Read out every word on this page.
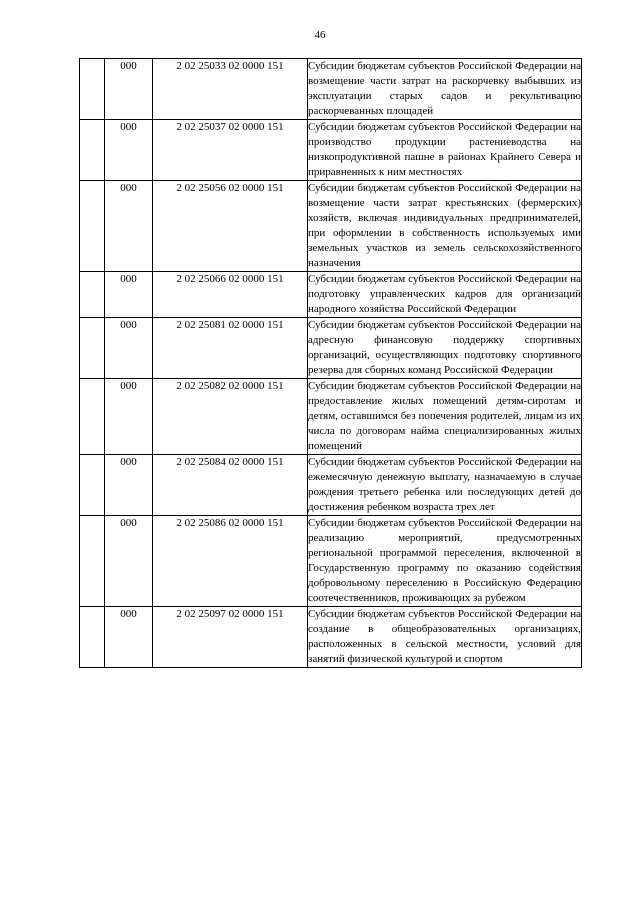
46
	000	2 02 25033 02 0000 151	Субсидии бюджетам субъектов Российской Федерации на возмещение части затрат на раскорчевку выбывших из эксплуатации старых садов и рекультивацию раскорчеванных площадей
	000	2 02 25037 02 0000 151	Субсидии бюджетам субъектов Российской Федерации на производство продукции растениеводства на низкопродуктивной пашне в районах Крайнего Севера и приравненных к ним местностях
	000	2 02 25056 02 0000 151	Субсидии бюджетам субъектов Российской Федерации на возмещение части затрат крестьянских (фермерских) хозяйств, включая индивидуальных предпринимателей, при оформлении в собственность используемых ими земельных участков из земель сельскохозяйственного назначения
	000	2 02 25066 02 0000 151	Субсидии бюджетам субъектов Российской Федерации на подготовку управленческих кадров для организаций народного хозяйства Российской Федерации
	000	2 02 25081 02 0000 151	Субсидии бюджетам субъектов Российской Федерации на адресную финансовую поддержку спортивных организаций, осуществляющих подготовку спортивного резерва для сборных команд Российской Федерации
	000	2 02 25082 02 0000 151	Субсидии бюджетам субъектов Российской Федерации на предоставление жилых помещений детям-сиротам и детям, оставшимся без попечения родителей, лицам из их числа по договорам найма специализированных жилых помещений
	000	2 02 25084 02 0000 151	Субсидии бюджетам субъектов Российской Федерации на ежемесячную денежную выплату, назначаемую в случае рождения третьего ребенка или последующих детей до достижения ребенком возраста трех лет
	000	2 02 25086 02 0000 151	Субсидии бюджетам субъектов Российской Федерации на реализацию мероприятий, предусмотренных региональной программой переселения, включенной в Государственную программу по оказанию содействия добровольному переселению в Российскую Федерацию соотечественников, проживающих за рубежом
	000	2 02 25097 02 0000 151	Субсидии бюджетам субъектов Российской Федерации на создание в общеобразовательных организациях, расположенных в сельской местности, условий для занятий физической культурой и спортом
